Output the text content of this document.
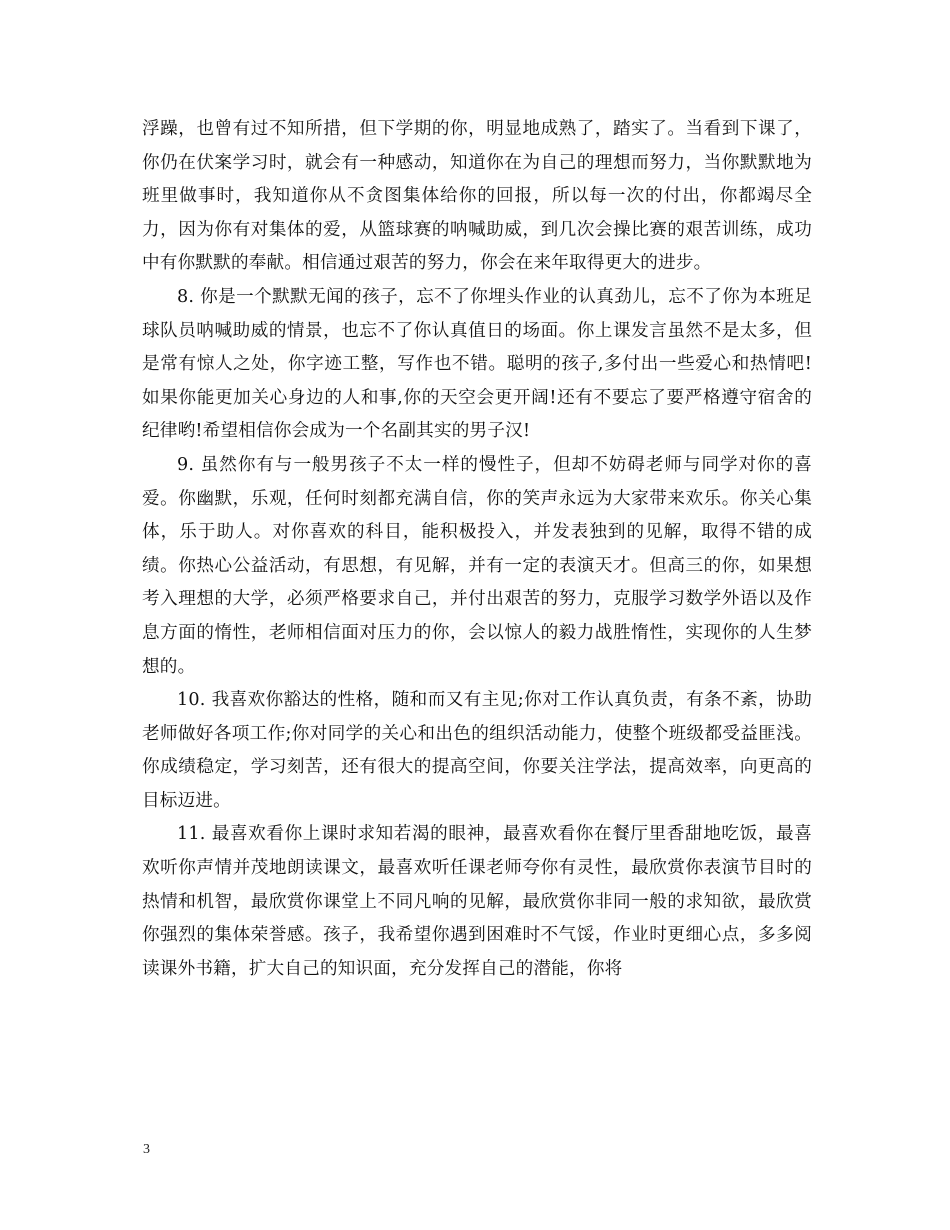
浮躁，也曾有过不知所措，但下学期的你，明显地成熟了，踏实了。当看到下课了，你仍在伏案学习时，就会有一种感动，知道你在为自己的理想而努力，当你默默地为班里做事时，我知道你从不贪图集体给你的回报，所以每一次的付出，你都竭尽全力，因为你有对集体的爱，从篮球赛的呐喊助威，到几次会操比赛的艰苦训练，成功中有你默默的奉献。相信通过艰苦的努力，你会在来年取得更大的进步。

8. 你是一个默默无闻的孩子，忘不了你埋头作业的认真劲儿，忘不了你为本班足球队员呐喊助威的情景，也忘不了你认真值日的场面。你上课发言虽然不是太多，但是常有惊人之处，你字迹工整，写作也不错。聪明的孩子,多付出一些爱心和热情吧!如果你能更加关心身边的人和事,你的天空会更开阔!还有不要忘了要严格遵守宿舍的纪律哟!希望相信你会成为一个名副其实的男子汉!

9. 虽然你有与一般男孩子不太一样的慢性子，但却不妨碍老师与同学对你的喜爱。你幽默，乐观，任何时刻都充满自信，你的笑声永远为大家带来欢乐。你关心集体，乐于助人。对你喜欢的科目，能积极投入，并发表独到的见解，取得不错的成绩。你热心公益活动，有思想，有见解，并有一定的表演天才。但高三的你，如果想考入理想的大学，必须严格要求自己，并付出艰苦的努力，克服学习数学外语以及作息方面的惰性，老师相信面对压力的你，会以惊人的毅力战胜惰性，实现你的人生梦想的。

10. 我喜欢你豁达的性格，随和而又有主见;你对工作认真负责，有条不紊，协助老师做好各项工作;你对同学的关心和出色的组织活动能力，使整个班级都受益匪浅。你成绩稳定，学习刻苦，还有很大的提高空间，你要关注学法，提高效率，向更高的目标迈进。

11. 最喜欢看你上课时求知若渴的眼神，最喜欢看你在餐厅里香甜地吃饭，最喜欢听你声情并茂地朗读课文，最喜欢听任课老师夸你有灵性，最欣赏你表演节目时的热情和机智，最欣赏你课堂上不同凡响的见解，最欣赏你非同一般的求知欲，最欣赏你强烈的集体荣誉感。孩子，我希望你遇到困难时不气馁，作业时更细心点，多多阅读课外书籍，扩大自己的知识面，充分发挥自己的潜能，你将

3
